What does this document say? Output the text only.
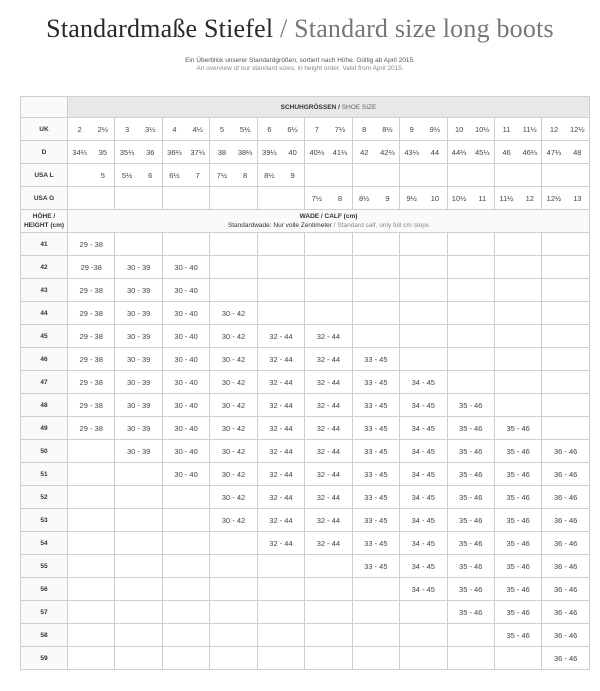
Standardmaße Stiefel / Standard size long boots
Ein Überblick unserer Standardgrößen, sortiert nach Höhe. Gültig ab April 2015.
An overview of our standard sizes, in height order. Valid from April 2015.
	SCHUHGRÖSSEN / SHOE SIZE																					
UK	2	2½	3	3½	4	4½	5	5½	6	6½	7	7½	8	8½	9	9½	10	10½	11	11½	12	12½
D	34⅔	35	35⅓	36	36⅔	37⅓	38	38⅔	39⅓	40	40⅔	41⅓	42	42⅔	43⅓	44	44⅔	45⅓	46	46⅔	47⅓	48
USA L		5	5½	6	6½	7	7½	8	8½	9												
USA G											7½	8	8½	9	9½	10	10½	11	11½	12	12½	13
HÖHE / HEIGHT (cm)	WADE / CALF (cm)
Standardwade: Nur volle Zentimeter / Standard calf, only full cm steps																					

41	29 - 38																					
42	29 -38		30 - 39		30 - 40																	
43	29 - 38		30 - 39		30 - 40																	
44	29 - 38		30 - 39		30 - 40		30 - 42															
45	29 - 38		30 - 39		30 - 40		30 - 42		32 - 44		32 - 44											
46	29 - 38		30 - 39		30 - 40		30 - 42		32 - 44		32 - 44		33 - 45									
47	29 - 38		30 - 39		30 - 40		30 - 42		32 - 44		32 - 44		33 - 45		34 - 45							
48	29 - 38		30 - 39		30 - 40		30 - 42		32 - 44		32 - 44		33 - 45		34 - 45		35 - 46					
49	29 - 38		30 - 39		30 - 40		30 - 42		32 - 44		32 - 44		33 - 45		34 - 45		35 - 46		35 - 46			
50			30 - 39		30 - 40		30 - 42		32 - 44		32 - 44		33 - 45		34 - 45		35 - 46		35 - 46		36 - 46	
51					30 - 40		30 - 42		32 - 44		32 - 44		33 - 45		34 - 45		35 - 46		35 - 46		36 - 46	
52							30 - 42		32 - 44		32 - 44		33 - 45		34 - 45		35 - 46		35 - 46		36 - 46	
53							30 - 42		32 - 44		32 - 44		33 - 45		34 - 45		35 - 46		35 - 46		36 - 46	
54									32 - 44		32 - 44		33 - 45		34 - 45		35 - 46		35 - 46		36 - 46	
55													33 - 45		34 - 45		35 - 46		35 - 46		36 - 46	
56															34 - 45		35 - 46		35 - 46		36 - 46	
57																	35 - 46		35 - 46		36 - 46	
58																			35 - 46		36 - 46	
59																					36 - 46	
